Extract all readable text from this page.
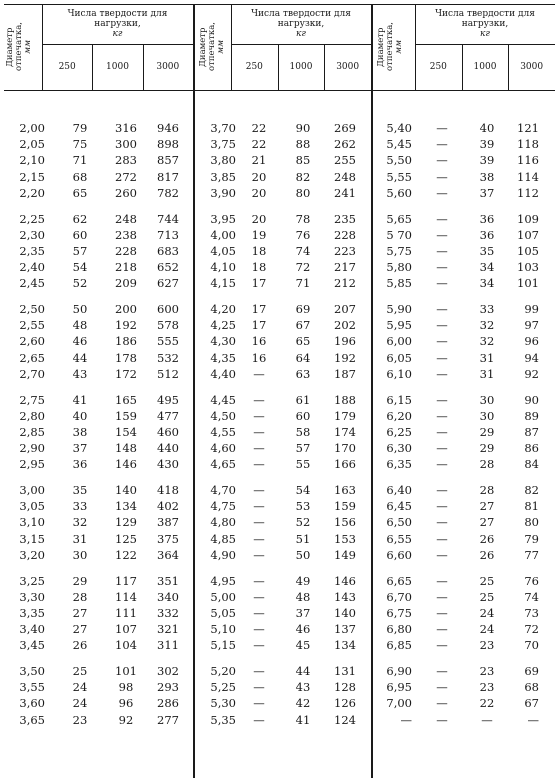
Диаметр
отпечатка,
мм
Числа твердости для
нагрузки,
кг
250	1000	3000
Диаметр
отпечатка,
мм
Числа твердости для
нагрузки,
кг
250	1000	3000
Диаметр
отпечатка,
мм
Числа твердости для
нагрузки,
кг
250	1000	3000
2,00	79	316	946
2,05	75	300	898
2,10	71	283	857
2,15	68	272	817
2,20	65	260	782
2,25	62	248	744
2,30	60	238	713
2,35	57	228	683
2,40	54	218	652
2,45	52	209	627
2,50	50	200	600
2,55	48	192	578
2,60	46	186	555
2,65	44	178	532
2,70	43	172	512
2,75	41	165	495
2,80	40	159	477
2,85	38	154	460
2,90	37	148	440
2,95	36	146	430
3,00	35	140	418
3,05	33	134	402
3,10	32	129	387
3,15	31	125	375
3,20	30	122	364
3,25	29	117	351
3,30	28	114	340
3,35	27	111	332
3,40	27	107	321
3,45	26	104	311
3,50	25	101	302
3,55	24	98	293
3,60	24	96	286
3,65	23	92	277
3,70	22	90	269
3,75	22	88	262
3,80	21	85	255
3,85	20	82	248
3,90	20	80	241
3,95	20	78	235
4,00	19	76	228
4,05	18	74	223
4,10	18	72	217
4,15	17	71	212
4,20	17	69	207
4,25	17	67	202
4,30	16	65	196
4,35	16	64	192
4,40	—	63	187
4,45	—	61	188
4,50	—	60	179
4,55	—	58	174
4,60	—	57	170
4,65	—	55	166
4,70	—	54	163
4,75	—	53	159
4,80	—	52	156
4,85	—	51	153
4,90	—	50	149
4,95	—	49	146
5,00	—	48	143
5,05	—	37	140
5,10	—	46	137
5,15	—	45	134
5,20	—	44	131
5,25	—	43	128
5,30	—	42	126
5,35	—	41	124
5,40	—	40	121
5,45	—	39	118
5,50	—	39	116
5,55	—	38	114
5,60	—	37	112
5,65	—	36	109
5 70	—	36	107
5,75	—	35	105
5,80	—	34	103
5,85	—	34	101
5,90	—	33	99
5,95	—	32	97
6,00	—	32	96
6,05	—	31	94
6,10	—	31	92
6,15	—	30	90
6,20	—	30	89
6,25	—	29	87
6,30	—	29	86
6,35	—	28	84
6,40	—	28	82
6,45	—	27	81
6,50	—	27	80
6,55	—	26	79
6,60	—	26	77
6,65	—	25	76
6,70	—	25	74
6,75	—	24	73
6,80	—	24	72
6,85	—	23	70
6,90	—	23	69
6,95	—	23	68
7,00	—	22	67
—	—	—	—
